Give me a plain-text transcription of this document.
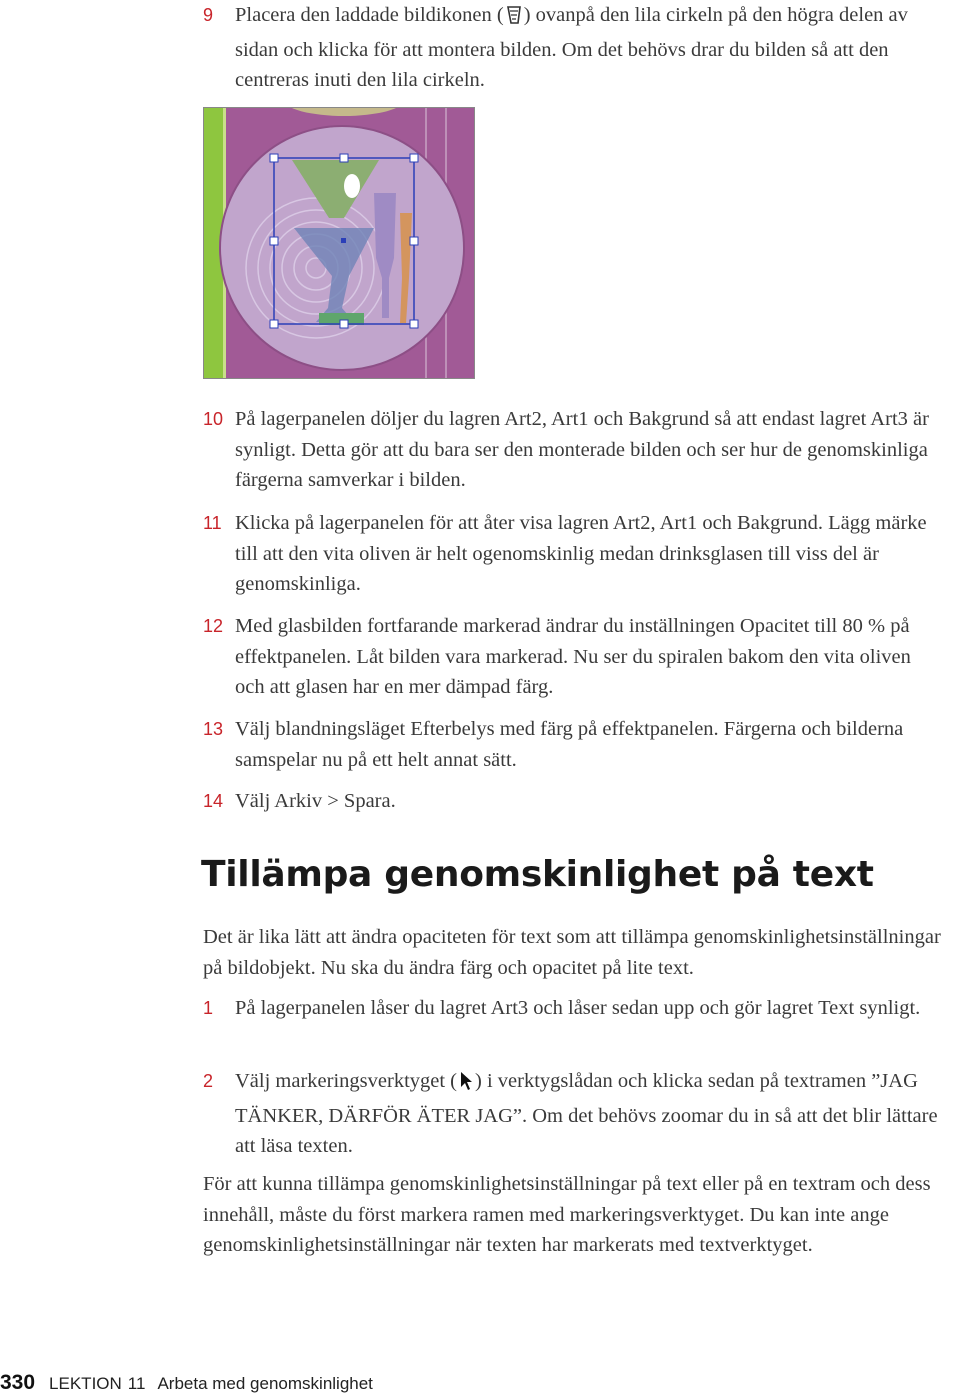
9	Placera den laddade bildikonen ( ) ovanpå den lila cirkeln på den högra delen av sidan och klicka för att montera bilden. Om det behövs drar du bilden så att den centreras inuti den lila cirkeln.
10 På lagerpanelen döljer du lagren Art2, Art1 och Bakgrund så att endast lagret Art3 är synligt. Detta gör att du bara ser den monterade bilden och ser hur de genomskinliga färgerna samverkar i bilden.
11 Klicka på lagerpanelen för att åter visa lagren Art2, Art1 och Bakgrund. Lägg märke till att den vita oliven är helt ogenomskinlig medan drinksglasen till viss del är genomskinliga.
12 Med glasbilden fortfarande markerad ändrar du inställningen Opacitet till 80 % på effektpanelen. Låt bilden vara markerad. Nu ser du spiralen bakom den vita oliven och att glasen har en mer dämpad färg.
13 Välj blandningsläget Efterbelys med färg på effektpanelen. Färgerna och bilderna samspelar nu på ett helt annat sätt.
14 Välj Arkiv > Spara.
Tillämpa genomskinlighet på text
Det är lika lätt att ändra opaciteten för text som att tillämpa genomskinlighetsinställningar på bildobjekt. Nu ska du ändra färg och opacitet på lite text.
1	På lagerpanelen låser du lagret Art3 och låser sedan upp och gör lagret Text synligt.
2	Välj markeringsverktyget ( ) i verktygslådan och klicka sedan på textramen ”JAG TÄNKER, DÄRFÖR ÄTER JAG”. Om det behövs zoomar du in så att det blir lättare att läsa texten.
För att kunna tillämpa genomskinlighetsinställningar på text eller på en textram och dess innehåll, måste du först markera ramen med markeringsverktyget. Du kan inte ange genomskinlighetsinställningar när texten har markerats med textverktyget.
330 LEKTION 11 Arbeta med genomskinlighet
